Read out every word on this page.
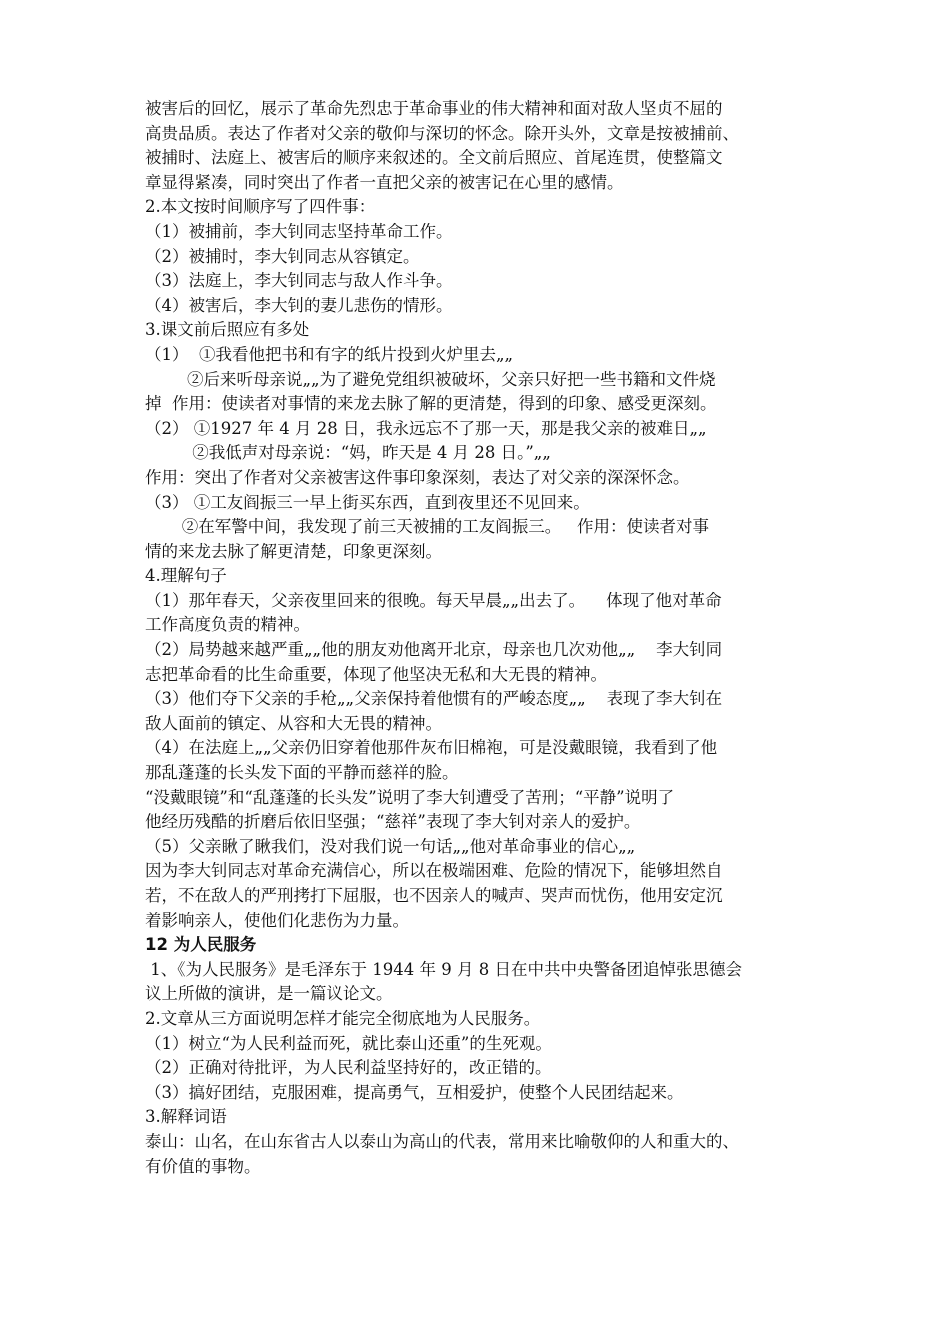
被害后的回忆，展示了革命先烈忠于革命事业的伟大精神和面对敌人坚贞不屈的
高贵品质。表达了作者对父亲的敬仰与深切的怀念。除开头外，文章是按被捕前、
被捕时、法庭上、被害后的顺序来叙述的。全文前后照应、首尾连贯，使整篇文
章显得紧凑，同时突出了作者一直把父亲的被害记在心里的感情。
2.本文按时间顺序写了四件事：
（1）被捕前，李大钊同志坚持革命工作。
（2）被捕时，李大钊同志从容镇定。
（3）法庭上，李大钊同志与敌人作斗争。
（4）被害后，李大钊的妻儿悲伤的情形。
3.课文前后照应有多处
（1）  ①我看他把书和有字的纸片投到火炉里去„„
②后来听母亲说„„为了避免党组织被破坏，父亲只好把一些书籍和文件烧
掉  作用：使读者对事情的来龙去脉了解的更清楚，得到的印象、感受更深刻。
（2） ①1927 年 4 月 28 日，我永远忘不了那一天，那是我父亲的被难日„„
②我低声对母亲说：“妈，昨天是 4 月 28 日。”„„
作用：突出了作者对父亲被害这件事印象深刻，表达了对父亲的深深怀念。
（3） ①工友阎振三一早上街买东西，直到夜里还不见回来。
②在军警中间，我发现了前三天被捕的工友阎振三。   作用：使读者对事
情的来龙去脉了解更清楚，印象更深刻。
4.理解句子
（1）那年春天，父亲夜里回来的很晚。每天早晨„„出去了。    体现了他对革命
工作高度负责的精神。
（2）局势越来越严重„„他的朋友劝他离开北京，母亲也几次劝他„„    李大钊同
志把革命看的比生命重要，体现了他坚决无私和大无畏的精神。
（3）他们夺下父亲的手枪„„父亲保持着他惯有的严峻态度„„    表现了李大钊在
敌人面前的镇定、从容和大无畏的精神。
（4）在法庭上„„父亲仍旧穿着他那件灰布旧棉袍，可是没戴眼镜，我看到了他
那乱蓬蓬的长头发下面的平静而慈祥的脸。
“没戴眼镜”和“乱蓬蓬的长头发”说明了李大钊遭受了苦刑；“平静”说明了
他经历残酷的折磨后依旧坚强；“慈祥”表现了李大钊对亲人的爱护。
（5）父亲瞅了瞅我们，没对我们说一句话„„他对革命事业的信心„„
因为李大钊同志对革命充满信心，所以在极端困难、危险的情况下，能够坦然自
若，不在敌人的严刑拷打下屈服，也不因亲人的喊声、哭声而忧伤，他用安定沉
着影响亲人，使他们化悲伤为力量。
12 为人民服务
1、《为人民服务》是毛泽东于 1944 年 9 月 8 日在中共中央警备团追悼张思德会
议上所做的演讲，是一篇议论文。
2.文章从三方面说明怎样才能完全彻底地为人民服务。
（1）树立“为人民利益而死，就比泰山还重”的生死观。
（2）正确对待批评，为人民利益坚持好的，改正错的。
（3）搞好团结，克服困难，提高勇气，互相爱护，使整个人民团结起来。
3.解释词语
泰山：山名，在山东省古人以泰山为高山的代表，常用来比喻敬仰的人和重大的、
有价值的事物。
